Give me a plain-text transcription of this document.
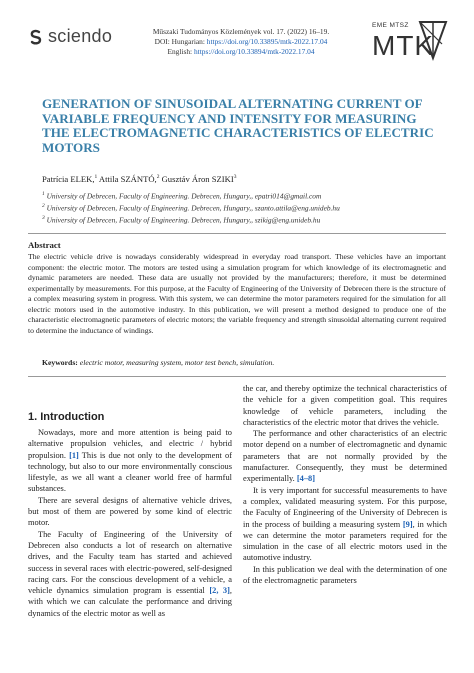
sciendo	Műszaki Tudományos Közlemények vol. 17. (2022) 16–19.
DOI: Hungarian: https://doi.org/10.33895/mtk-2022.17.04
English: https://doi.org/10.33894/mtk-2022.17.04
EME MTSZ
MTK
GENERATION OF SINUSOIDAL ALTERNATING CURRENT OF VARIABLE FREQUENCY AND INTENSITY FOR MEASURING THE ELECTROMAGNETIC CHARACTERISTICS OF ELECTRIC MOTORS
Patrícia ELEK,$^1$ Attila SZÁNTÓ,$^2$ Gusztáv Áron SZIKI$^3$
$^1$ University of Debrecen, Faculty of Engineering. Debrecen, Hungary,, epatri014@gmail.com
$^2$ University of Debrecen, Faculty of Engineering. Debrecen, Hungary,, szanto.attila@eng.unideb.hu
$^3$ University of Debrecen, Faculty of Engineering. Debrecen, Hungary,, szikig@eng.unideb.hu
Abstract
The electric vehicle drive is nowadays considerably widespread in everyday road transport. These vehicles have an important component: the electric motor. The motors are tested using a simulation program for which knowledge of its electromagnetic and dynamic parameters are needed. These data are usually not provided by the manufacturers; therefore, it must be determined experimentally by measurements. For this purpose, at the Faculty of Engineering of the University of Debrecen there is the structure of a complex measuring system in progress. With this system, we can determine the motor parameters required for the simulation for all electric motors used in the automotive industry. In this publication, we will present a method designed to produce one of the characteristic electromagnetic parameters of electric motors; the variable frequency and strength sinusoidal alternating current required to determine the inductance of windings.
Keywords: electric motor, measuring system, motor test bench, simulation.
1. Introduction

Nowadays, more and more attention is being paid to alternative propulsion vehicles, and electric / hybrid propulsion. [1] This is due not only to the development of technology, but also to our more environmentally conscious lifestyle, as we all want a cleaner world free of harmful substances.

There are several designs of alternative vehicle drives, but most of them are powered by some kind of electric motor.

The Faculty of Engineering of the University of Debrecen also conducts a lot of research on alternative drives, and the Faculty team has started and achieved success in several races with electric-powered, self-designed racing cars. For the conscious development of a vehicle, a vehicle dynamics simulation program is essential [2, 3], with which we can calculate the performance and driving dynamics of the electric motor as well as

the car, and thereby optimize the technical characteristics of the vehicle for a given competition goal. This requires knowledge of vehicle parameters, including the characteristics of the electric motor that drives the vehicle.

The performance and other characteristics of an electric motor depend on a number of electromagnetic and dynamic parameters that are not normally provided by the manufacturer. Consequently, they must be determined experimentally. [4–8]

It is very important for successful measurements to have a complex, validated measuring system. For this purpose, the Faculty of Engineering of the University of Debrecen is in the process of building a measuring system [9], in which we can determine the motor parameters required for the simulation in the case of all electric motors used in the automotive industry.

In this publication we deal with the determination of one of the electromagnetic parameters
